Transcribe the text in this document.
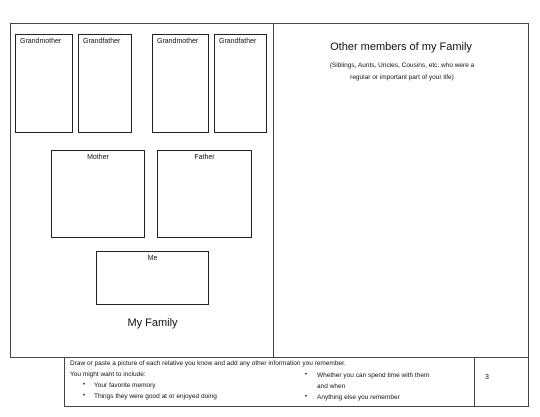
Grandmother	Grandfather	Grandmother	Grandfather
Mother	Father
Me
My Family
Other members of my Family
(Siblings, Aunts, Uncles, Cousins, etc. who were a
regular or important part of your life)
Draw or paste a picture of each relative you know and add any other information you remember.
You might want to include:
• Your favorite memory
• Things they were good at or enjoyed doing
• Whether you can spend time with them
and when
• Anything else you remember
3
